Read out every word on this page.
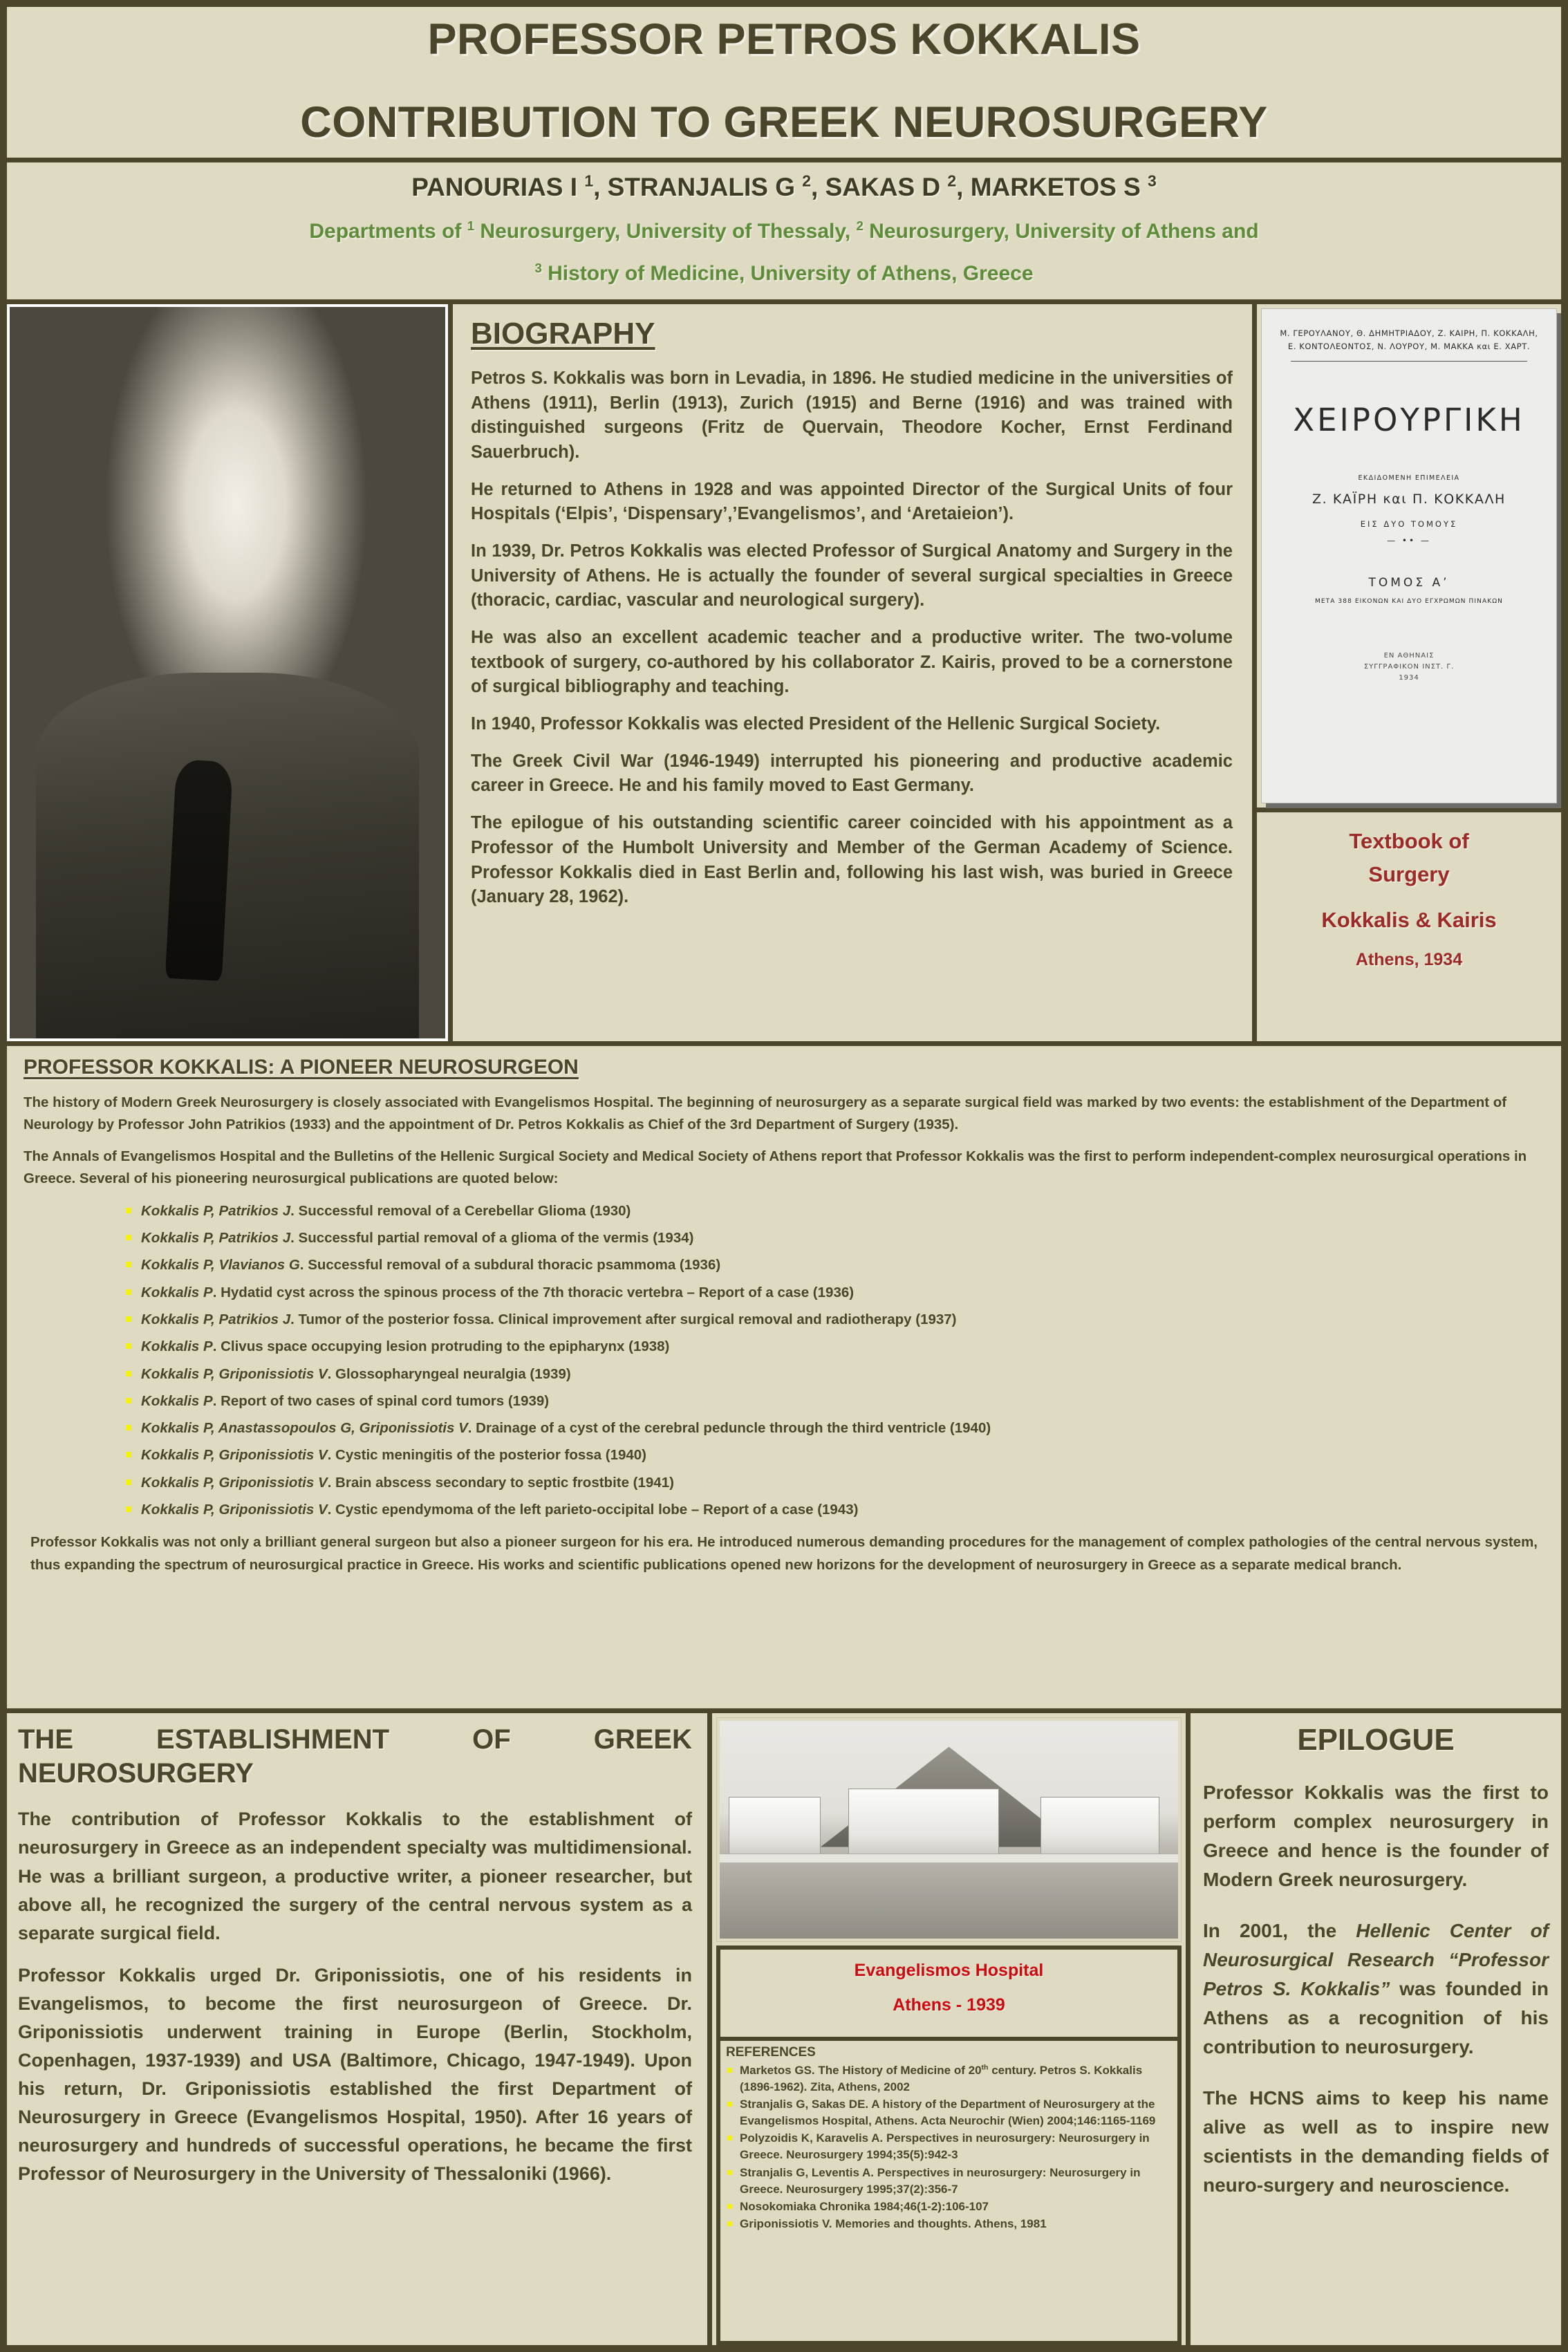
PROFESSOR PETROS KOKKALIS
CONTRIBUTION TO GREEK NEUROSURGERY
PANOURIAS I $^1$, STRANJALIS G $^2$, SAKAS D $^2$, MARKETOS S $^3$
Departments of $^1$ Neurosurgery, University of Thessaly, $^2$ Neurosurgery, University of Athens and
$^3$ History of Medicine, University of Athens, Greece
BIOGRAPHY
Petros S. Kokkalis was born in Levadia, in 1896. He studied medicine in the universities of Athens (1911), Berlin (1913), Zurich (1915) and Berne (1916) and was trained with distinguished surgeons (Fritz de Quervain, Theodore Kocher, Ernst Ferdinand Sauerbruch).
He returned to Athens in 1928 and was appointed Director of the Surgical Units of four Hospitals (‘Elpis’, ‘Dispensary’,’Evangelismos’, and ‘Aretaieion’).
In 1939, Dr. Petros Kokkalis was elected Professor of Surgical Anatomy and Surgery in the University of Athens. He is actually the founder of several surgical specialties in Greece (thoracic, cardiac, vascular and neurological surgery).
He was also an excellent academic teacher and a productive writer. The two-volume textbook of surgery, co-authored by his collaborator Z. Kairis, proved to be a cornerstone of surgical bibliography and teaching.
In 1940, Professor Kokkalis was elected President of the Hellenic Surgical Society.
The Greek Civil War (1946-1949) interrupted his pioneering and productive academic career in Greece. He and his family moved to East Germany.
The epilogue of his outstanding scientific career coincided with his appointment as a Professor of the Humbolt University and Member of the German Academy of Science. Professor Kokkalis died in East Berlin and, following his last wish, was buried in Greece (January 28, 1962).
Μ. ΓΕΡΟΥΛΑΝΟΥ, Θ. ΔΗΜΗΤΡΙΑΔΟΥ, Ζ. ΚΑΙΡΗ, Π. ΚΟΚΚΑΛΗ,
Ε. ΚΟΝΤΟΛΕΟΝΤΟΣ, Ν. ΛΟΥΡΟΥ, Μ. ΜΑΚΚΑ και Ε. ΧΑΡΤ.
ΧΕΙΡΟΥΡΓΙΚΗ
ΕΚΔΙΔΟΜΕΝΗ ΕΠΙΜΕΛΕΙΑ
Ζ. ΚΑΪΡΗ και Π. ΚΟΚΚΑΛΗ
ΕΙΣ ΔΥΟ ΤΟΜΟΥΣ
— •• —
ΤΟΜΟΣ Α’
ΜΕΤΑ 388 ΕΙΚΟΝΩΝ ΚΑΙ ΔΥΟ ΕΓΧΡΩΜΩΝ ΠΙΝΑΚΩΝ
ΕΝ ΑΘΗΝΑΙΣ
ΣΥΓΓΡΑΦΙΚΟΝ ΙΝΣΤ. Γ.
1934
Textbook of
Surgery
Kokkalis & Kairis
Athens, 1934
PROFESSOR KOKKALIS: A PIONEER NEUROSURGEON
The history of Modern Greek Neurosurgery is closely associated with Evangelismos Hospital. The beginning of neurosurgery as a separate surgical field was marked by two events: the establishment of the Department of Neurology by Professor John Patrikios (1933) and the appointment of Dr. Petros Kokkalis as Chief of the 3rd Department of Surgery (1935).
The Annals of Evangelismos Hospital and the Bulletins of the Hellenic Surgical Society and Medical Society of Athens report that Professor Kokkalis was the first to perform independent-complex neurosurgical operations in Greece. Several of his pioneering neurosurgical publications are quoted below:
Kokkalis P, Patrikios J. Successful removal of a Cerebellar Glioma (1930)
Kokkalis P, Patrikios J. Successful partial removal of a glioma of the vermis (1934)
Kokkalis P, Vlavianos G. Successful removal of a subdural thoracic psammoma (1936)
Kokkalis P. Hydatid cyst across the spinous process of the 7th thoracic vertebra – Report of a case (1936)
Kokkalis P, Patrikios J. Tumor of the posterior fossa. Clinical improvement after surgical removal and radiotherapy (1937)
Kokkalis P. Clivus space occupying lesion protruding to the epipharynx (1938)
Kokkalis P, Griponissiotis V. Glossopharyngeal neuralgia (1939)
Kokkalis P. Report of two cases of spinal cord tumors (1939)
Kokkalis P, Anastassopoulos G, Griponissiotis V. Drainage of a cyst of the cerebral peduncle through the third ventricle (1940)
Kokkalis P, Griponissiotis V. Cystic meningitis of the posterior fossa (1940)
Kokkalis P, Griponissiotis V. Brain abscess secondary to septic frostbite (1941)
Kokkalis P, Griponissiotis V. Cystic ependymoma of the left parieto-occipital lobe – Report of a case (1943)
Professor Kokkalis was not only a brilliant general surgeon but also a pioneer surgeon for his era. He introduced numerous demanding procedures for the management of complex pathologies of the central nervous system, thus expanding the spectrum of neurosurgical practice in Greece. His works and scientific publications opened new horizons for the development of neurosurgery in Greece as a separate medical branch.
THE ESTABLISHMENT OF GREEK NEUROSURGERY
The contribution of Professor Kokkalis to the establishment of neurosurgery in Greece as an independent specialty was multidimensional. He was a brilliant surgeon, a productive writer, a pioneer researcher, but above all, he recognized the surgery of the central nervous system as a separate surgical field.
Professor Kokkalis urged Dr. Griponissiotis, one of his residents in Evangelismos, to become the first neurosurgeon of Greece. Dr. Griponissiotis underwent training in Europe (Berlin, Stockholm, Copenhagen, 1937-1939) and USA (Baltimore, Chicago, 1947-1949). Upon his return, Dr. Griponissiotis established the first Department of Neurosurgery in Greece (Evangelismos Hospital, 1950). After 16 years of neurosurgery and hundreds of successful operations, he became the first Professor of Neurosurgery in the University of Thessaloniki (1966).
Evangelismos Hospital
Athens - 1939
REFERENCES
Marketos GS. The History of Medicine of 20th century. Petros S. Kokkalis (1896-1962). Zita, Athens, 2002
Stranjalis G, Sakas DE. A history of the Department of Neurosurgery at the Evangelismos Hospital, Athens. Acta Neurochir (Wien) 2004;146:1165-1169
Polyzoidis K, Karavelis A. Perspectives in neurosurgery: Neurosurgery in Greece. Neurosurgery 1994;35(5):942-3
Stranjalis G, Leventis A. Perspectives in neurosurgery: Neurosurgery in Greece. Neurosurgery 1995;37(2):356-7
Nosokomiaka Chronika 1984;46(1-2):106-107
Griponissiotis V. Memories and thoughts. Athens, 1981
EPILOGUE
Professor Kokkalis was the first to perform complex neurosurgery in Greece and hence is the founder of Modern Greek neurosurgery.
In 2001, the Hellenic Center of Neurosurgical Research “Professor Petros S. Kokkalis” was founded in Athens as a recognition of his contribution to neurosurgery.
The HCNS aims to keep his name alive as well as to inspire new scientists in the demanding fields of neuro-surgery and neuroscience.
